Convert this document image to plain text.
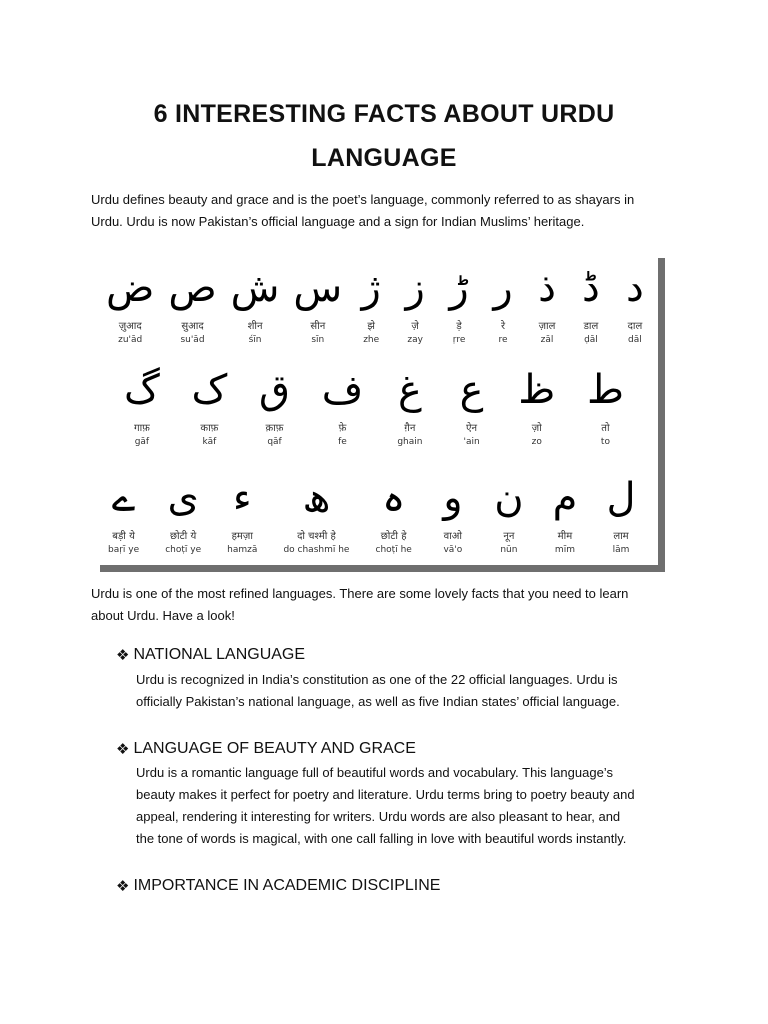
6 INTERESTING FACTS ABOUT URDU
LANGUAGE

Urdu defines beauty and grace and is the poet’s language, commonly referred to as shayars in
Urdu. Urdu is now Pakistan’s official language and a sign for Indian Muslims’ heritage.

د
दाल
dāl
ڈ
डाल
ḍāl
ذ
ज़ाल
zāl
ر
रे
re
ڑ
ड़े
ṛre
ز
ज़े
zay
ژ
झे
zhe
س
सीन
sīn
ش
शीन
śīn
ص
सुआद
su'ād
ض
ज़ुआद
zu'ād
ط
तो
to
ظ
ज़ो
zo
ع
ऐन
'ain
غ
ग़ैन
ghain
ف
फ़े
fe
ق
क़ाफ़
qāf
ک
काफ़
kāf
گ
गाफ़
gāf
ل
लाम
lām
م
मीम
mīm
ن
नून
nūn
و
वाओ
vā'o
ہ
छोटी हे
choṭī he
ھ
दो चश्मी हे
do chashmī he
ء
हमज़ा
hamzā
ی
छोटी ये
choṭī ye
ے
बड़ी ये
baṛī ye

Urdu is one of the most refined languages. There are some lovely facts that you need to learn
about Urdu. Have a look!

❖ NATIONAL LANGUAGE

Urdu is recognized in India’s constitution as one of the 22 official languages. Urdu is
officially Pakistan’s national language, as well as five Indian states’ official language.

❖ LANGUAGE OF BEAUTY AND GRACE

Urdu is a romantic language full of beautiful words and vocabulary. This language’s
beauty makes it perfect for poetry and literature. Urdu terms bring to poetry beauty and
appeal, rendering it interesting for writers. Urdu words are also pleasant to hear, and
the tone of words is magical, with one call falling in love with beautiful words instantly.

❖ IMPORTANCE IN ACADEMIC DISCIPLINE
